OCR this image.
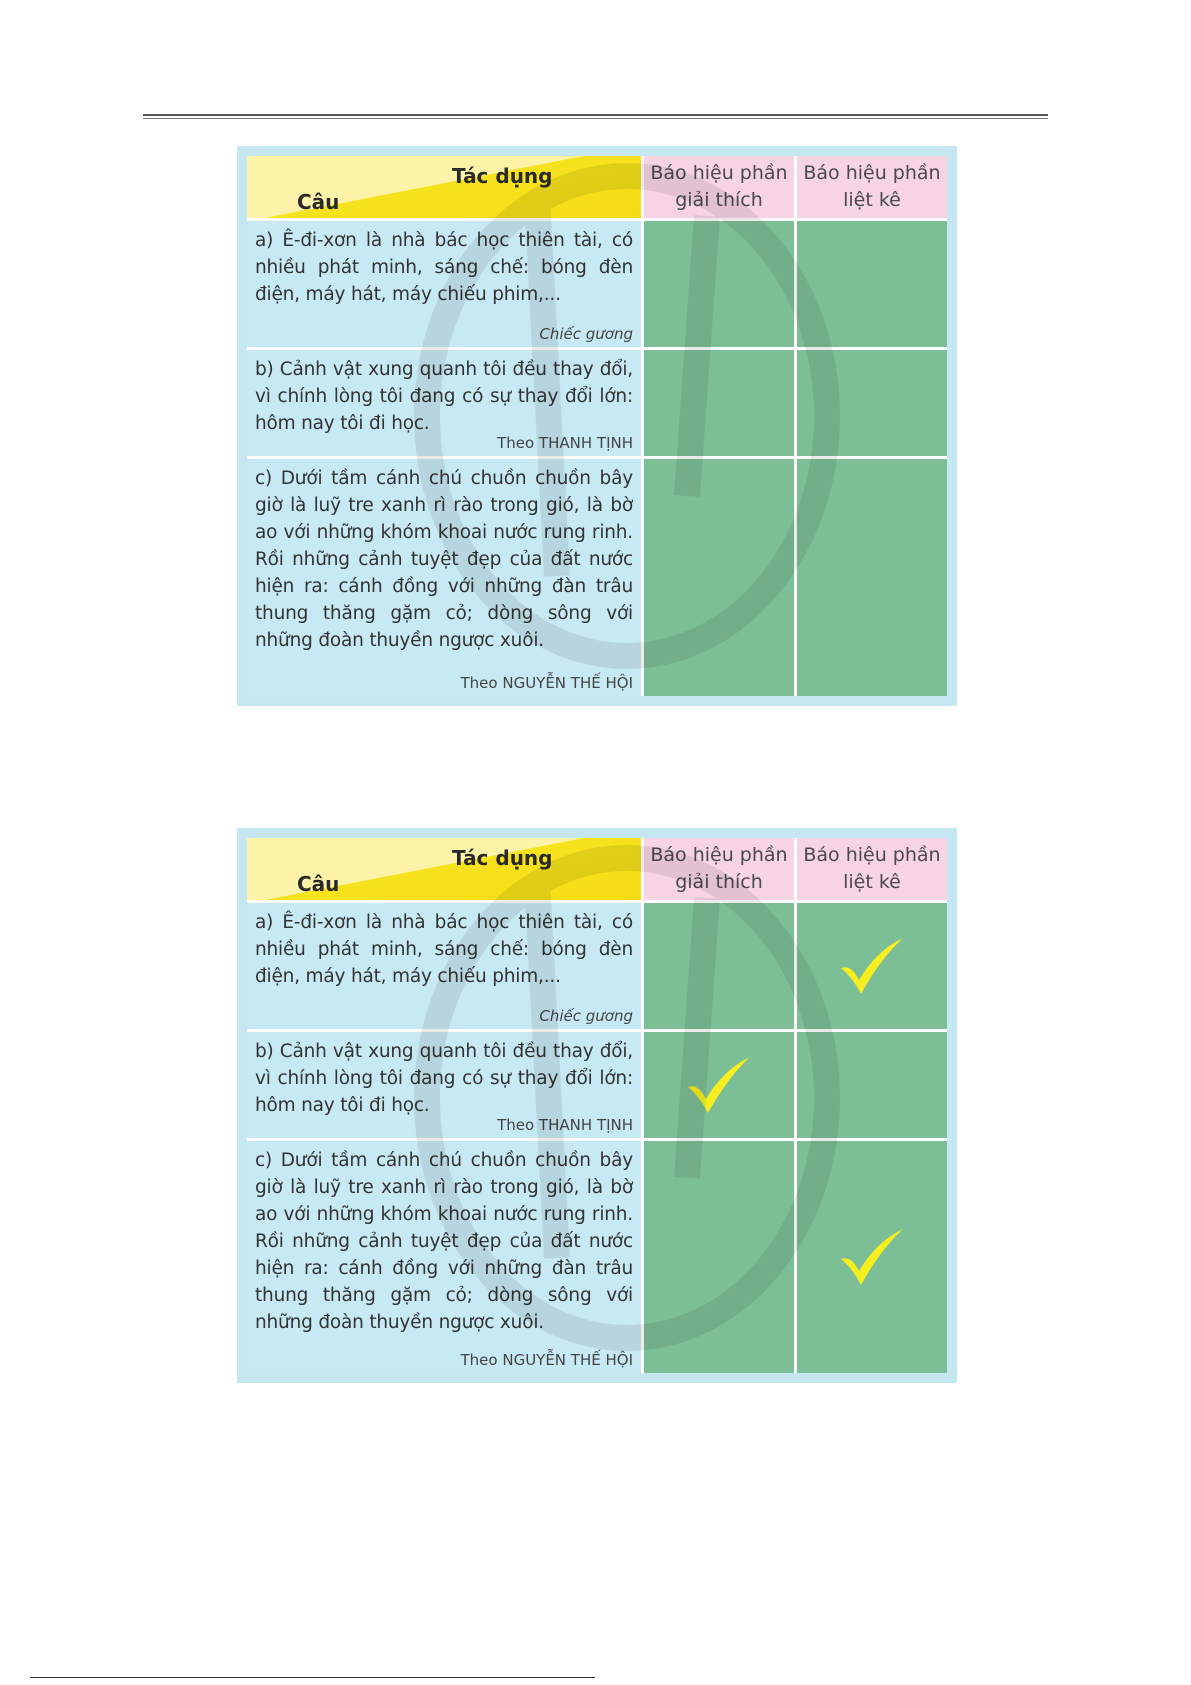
Tác dụng
Câu
Báo hiệu phần giải thích
Báo hiệu phần liệt kê
a) Ê-đi-xơn là nhà bác học thiên tài, có nhiều phát minh, sáng chế: bóng đèn điện, máy hát, máy chiếu phim,...
Chiếc gương
b) Cảnh vật xung quanh tôi đều thay đổi, vì chính lòng tôi đang có sự thay đổi lớn: hôm nay tôi đi học.
Theo THANH TỊNH
c) Dưới tầm cánh chú chuồn chuồn bây giờ là luỹ tre xanh rì rào trong gió, là bờ ao với những khóm khoai nước rung rinh. Rồi những cảnh tuyệt đẹp của đất nước hiện ra: cánh đồng với những đàn trâu thung thăng gặm cỏ; dòng sông với những đoàn thuyền ngược xuôi.
Theo NGUYỄN THẾ HỘI
Tác dụng
Câu
Báo hiệu phần giải thích
Báo hiệu phần liệt kê
a) Ê-đi-xơn là nhà bác học thiên tài, có nhiều phát minh, sáng chế: bóng đèn điện, máy hát, máy chiếu phim,...
Chiếc gương
b) Cảnh vật xung quanh tôi đều thay đổi, vì chính lòng tôi đang có sự thay đổi lớn: hôm nay tôi đi học.
Theo THANH TỊNH
c) Dưới tầm cánh chú chuồn chuồn bây giờ là luỹ tre xanh rì rào trong gió, là bờ ao với những khóm khoai nước rung rinh. Rồi những cảnh tuyệt đẹp của đất nước hiện ra: cánh đồng với những đàn trâu thung thăng gặm cỏ; dòng sông với những đoàn thuyền ngược xuôi.
Theo NGUYỄN THẾ HỘI
